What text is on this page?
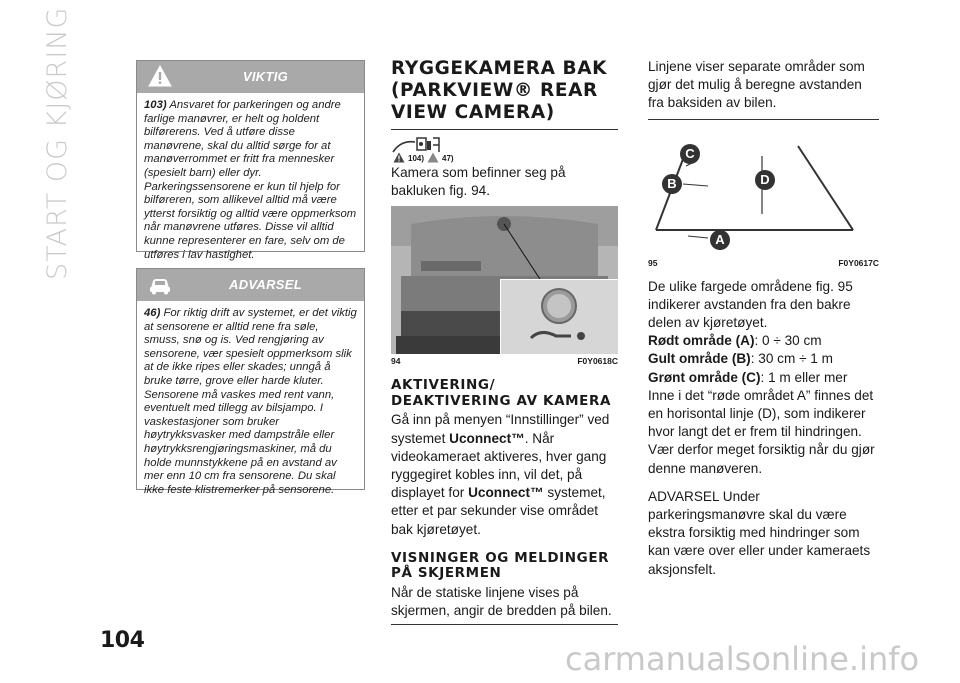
START OG KJØRING	VIKTIG
103) Ansvaret for parkeringen og andre farlige manøvrer, er helt og holdent bilførerens. Ved å utføre disse manøvrene, skal du alltid sørge for at manøverrommet er fritt fra mennesker (spesielt barn) eller dyr. Parkeringssensorene er kun til hjelp for bilføreren, som allikevel alltid må være ytterst forsiktig og alltid være oppmerksom når manøvrene utføres. Disse vil alltid kunne representerer en fare, selv om de utføres i lav hastighet.
ADVARSEL
46) For riktig drift av systemet, er det viktig at sensorene er alltid rene fra søle, smuss, snø og is. Ved rengjøring av sensorene, vær spesielt oppmerksom slik at de ikke ripes eller skades; unngå å bruke tørre, grove eller harde kluter. Sensorene må vaskes med rent vann, eventuelt med tillegg av bilsjampo. I vaskestasjoner som bruker høytrykksvasker med dampstråle eller høytrykksrengjøringsmaskiner, må du holde munnstykkene på en avstand av mer enn 10 cm fra sensorene. Du skal ikke feste klistremerker på sensorene.
104
RYGGEKAMERA BAK (PARKVIEW® REAR VIEW CAMERA)
104) 47)
Kamera som befinner seg på bakluken fig. 94.
94	F0Y0618C
AKTIVERING/ DEAKTIVERING AV KAMERA
Gå inn på menyen “Innstillinger” ved systemet Uconnect™. Når videokameraet aktiveres, hver gang ryggegiret kobles inn, vil det, på displayet for Uconnect™ systemet, etter et par sekunder vise området bak kjøretøyet.
VISNINGER OG MELDINGER PÅ SKJERMEN
Når de statiske linjene vises på skjermen, angir de bredden på bilen.
Linjene viser separate områder som gjør det mulig å beregne avstanden fra baksiden av bilen.
C
B	D
A
95	F0Y0617C
De ulike fargede områdene fig. 95 indikerer avstanden fra den bakre delen av kjøretøyet.
Rødt område (A): 0 ÷ 30 cm
Gult område (B): 30 cm ÷ 1 m
Grønt område (C): 1 m eller mer
Inne i det “røde området A” finnes det en horisontal linje (D), som indikerer hvor langt det er frem til hindringen. Vær derfor meget forsiktig når du gjør denne manøveren.
ADVARSEL Under parkeringsmanøvre skal du være ekstra forsiktig med hindringer som kan være over eller under kameraets aksjonsfelt.
carmanualsonline.info
